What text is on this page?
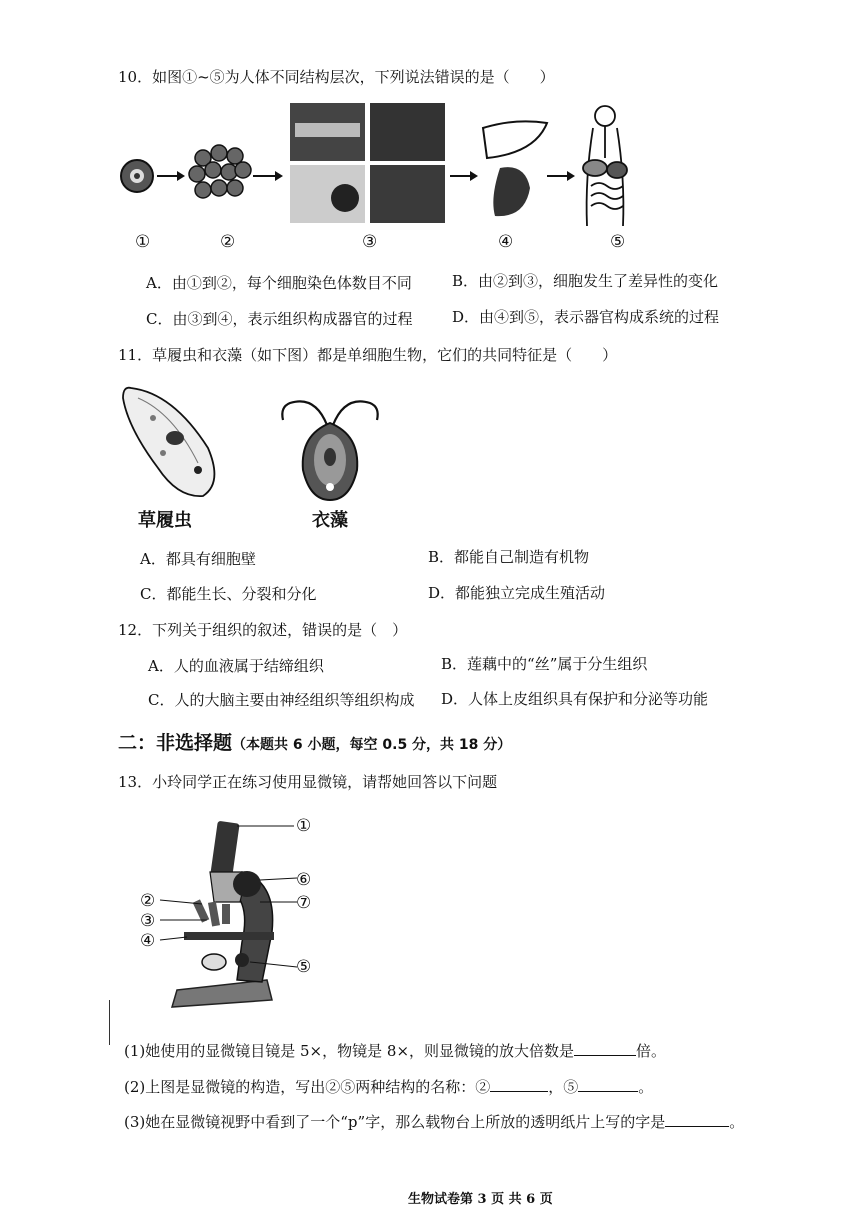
10．如图①~⑤为人体不同结构层次，下列说法错误的是（　　）
①	②	③	④	⑤
A．由①到②，每个细胞染色体数目不同	B．由②到③，细胞发生了差异性的变化
C．由③到④，表示组织构成器官的过程	D．由④到⑤，表示器官构成系统的过程
11．草履虫和衣藻（如下图）都是单细胞生物，它们的共同特征是（　　）
草履虫	衣藻
A．都具有细胞壁	B．都能自己制造有机物
C．都能生长、分裂和分化	D．都能独立完成生殖活动
12．下列关于组织的叙述，错误的是（　）
A．人的血液属于结缔组织	B．莲藕中的“丝”属于分生组织
C．人的大脑主要由神经组织等组织构成 D．人体上皮组织具有保护和分泌等功能
二：非选择题（本题共 6 小题，每空 0.5 分，共 18 分）
13．小玲同学正在练习使用显微镜，请帮她回答以下问题
①
②
③
④
⑤
⑥
⑦
(1)她使用的显微镜目镜是 5×，物镜是 8×，则显微镜的放大倍数是	倍。
(2)上图是显微镜的构造，写出②⑤两种结构的名称：②	，⑤	。
(3)她在显微镜视野中看到了一个“p”字，那么载物台上所放的透明纸片上写的字是	。
生物试卷第 3 页 共 6 页
